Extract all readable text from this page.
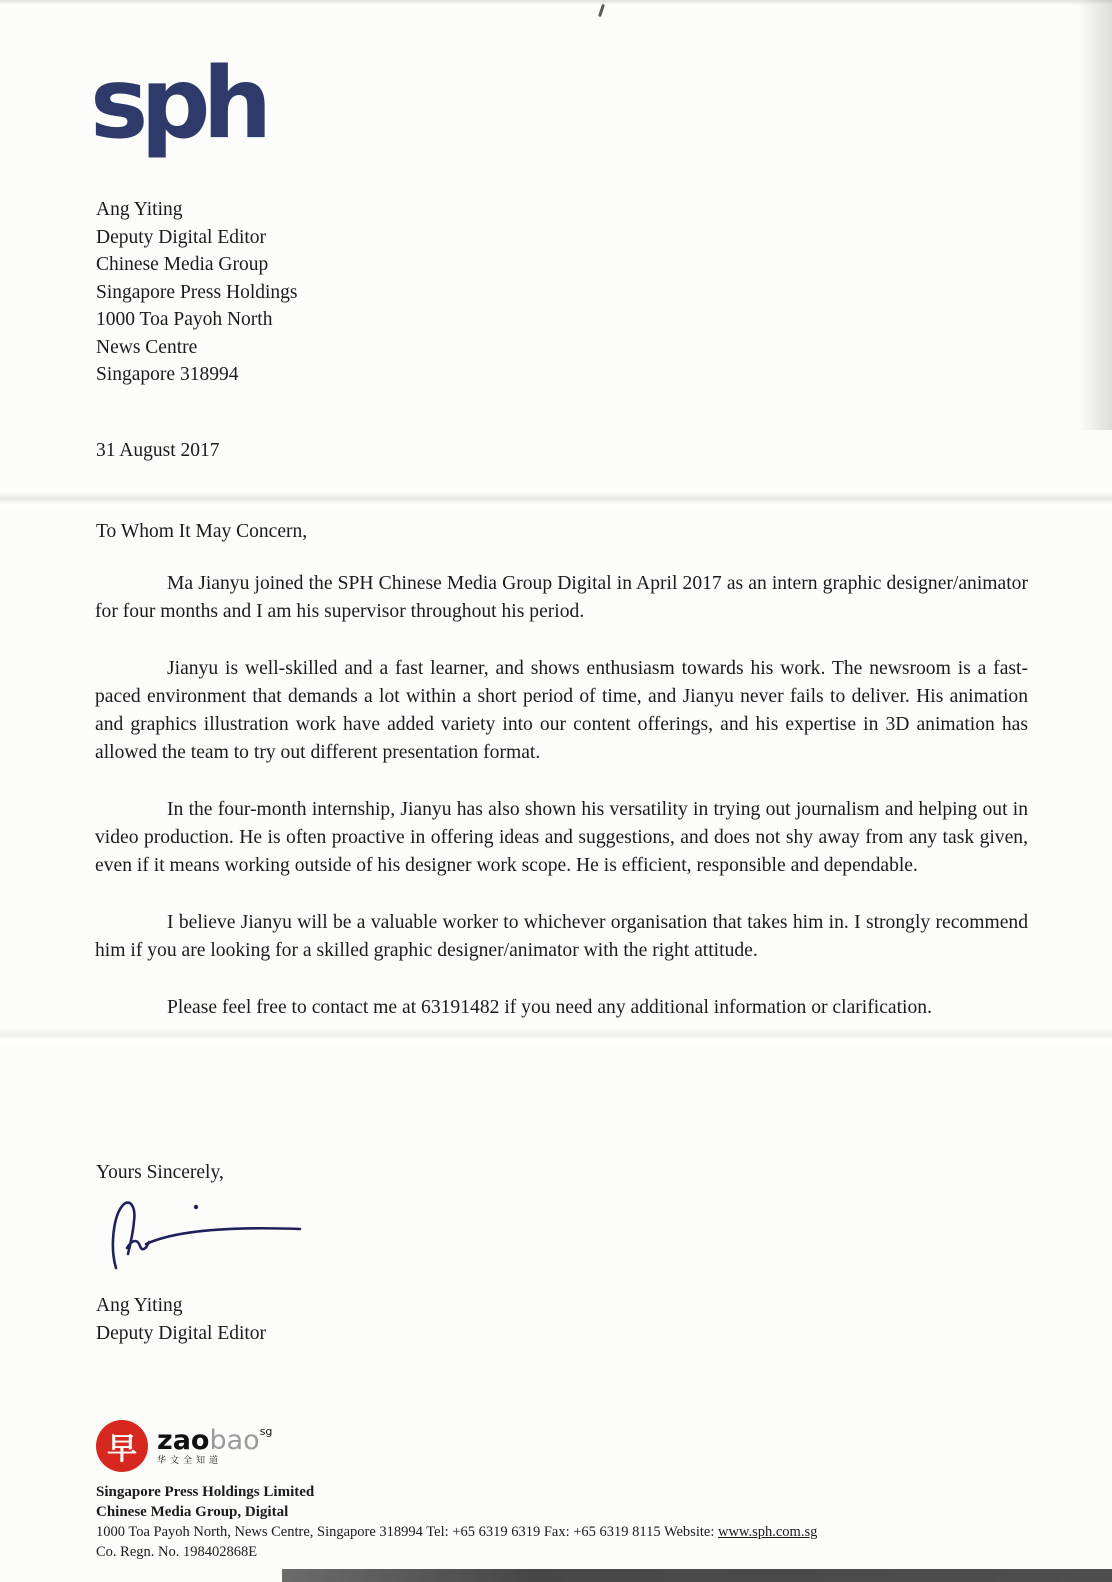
sph
Ang Yiting
Deputy Digital Editor
Chinese Media Group
Singapore Press Holdings
1000 Toa Payoh North
News Centre
Singapore 318994
31 August 2017
To Whom It May Concern,

Ma Jianyu joined the SPH Chinese Media Group Digital in April 2017 as an intern graphic designer/animator for four months and I am his supervisor throughout his period.

Jianyu is well-skilled and a fast learner, and shows enthusiasm towards his work. The newsroom is a fast-paced environment that demands a lot within a short period of time, and Jianyu never fails to deliver. His animation and graphics illustration work have added variety into our content offerings, and his expertise in 3D animation has allowed the team to try out different presentation format.

In the four-month internship, Jianyu has also shown his versatility in trying out journalism and helping out in video production. He is often proactive in offering ideas and suggestions, and does not shy away from any task given, even if it means working outside of his designer work scope. He is efficient, responsible and dependable.

I believe Jianyu will be a valuable worker to whichever organisation that takes him in. I strongly recommend him if you are looking for a skilled graphic designer/animator with the right attitude.

Please feel free to contact me at 63191482 if you need any additional information or clarification.

Yours Sincerely,
Ang Yiting
Deputy Digital Editor
早 zaobao$^{sg}$
华文全知道
Singapore Press Holdings Limited
Chinese Media Group, Digital
1000 Toa Payoh North, News Centre, Singapore 318994 Tel: +65 6319 6319 Fax: +65 6319 8115 Website: www.sph.com.sg
Co. Regn. No. 198402868E
